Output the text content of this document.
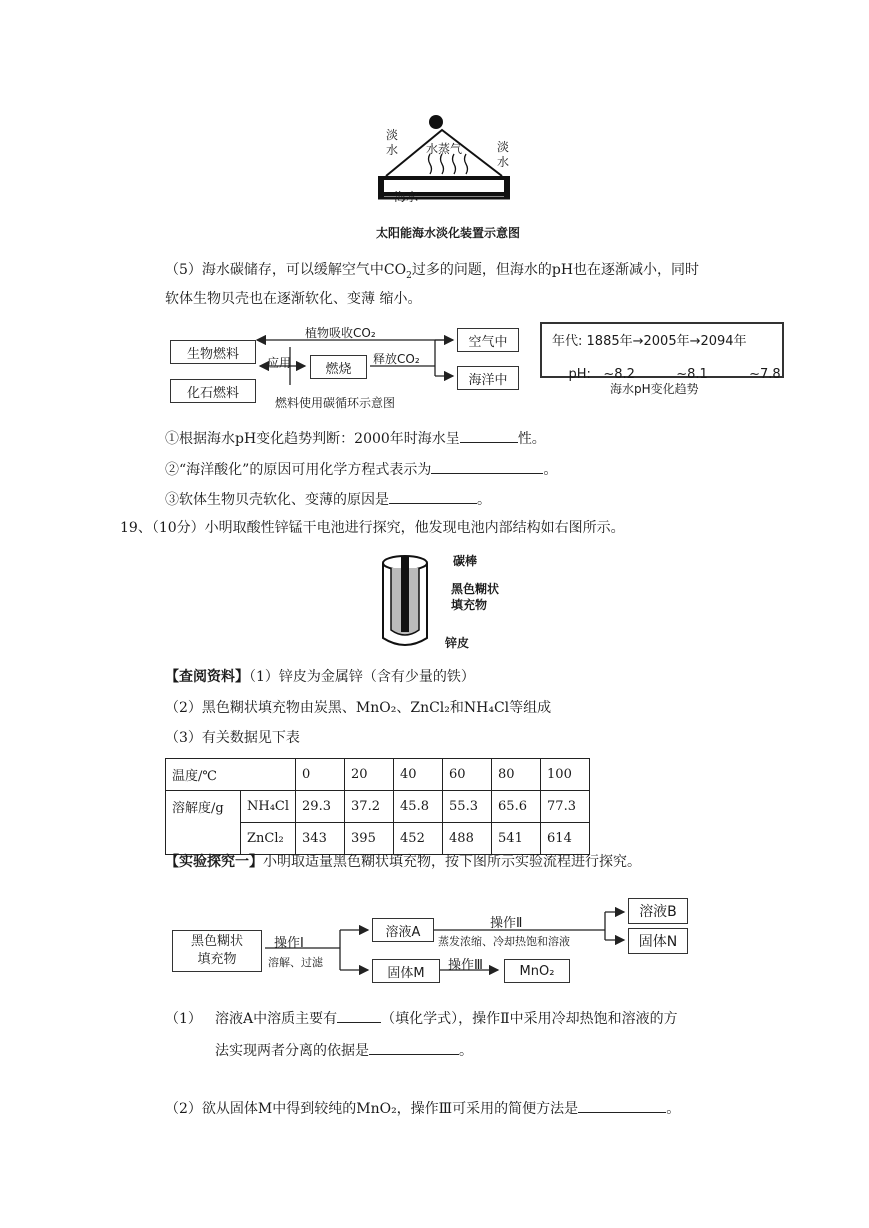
淡水	淡水
水蒸气
海水
太阳能海水淡化装置示意图
（5）海水碳储存，可以缓解空气中$CO_2$过多的问题，但海水的pH也在逐渐减小，同时
软体生物贝壳也在逐渐软化、变薄 缩小。
生物燃料
化石燃料
应用	燃烧
释放CO₂
植物吸收CO₂
空气中
海洋中
燃料使用碳循环示意图
年代: 1885年→2005年→2094年

pH: ~8.2          ~8.1          ~7.8

海水pH变化趋势
①根据海水pH变化趋势判断：2000年时海水呈	性。
②“海洋酸化”的原因可用化学方程式表示为	。
③软体生物贝壳软化、变薄的原因是	。
19、（10分）小明取酸性锌锰干电池进行探究，他发现电池内部结构如右图所示。
碳棒
黑色糊状
填充物
锌皮
【查阅资料】（1）锌皮为金属锌（含有少量的铁）
（2）黑色糊状填充物由炭黑、MnO₂、ZnCl₂和NH₄Cl等组成
（3）有关数据见下表
温度/℃		0	20	40	60	80	100
溶解度/g	NH₄Cl	29.3	37.2	45.8	55.3	65.6	77.3
	ZnCl₂	343	395	452	488	541	614
【实验探究一】小明取适量黑色糊状填充物，按下图所示实验流程进行探究。
黑色糊状
填充物
操作Ⅰ
溶解、过滤
溶液A
固体M
操作Ⅱ
蒸发浓缩、冷却热饱和溶液
操作Ⅲ	MnO₂
溶液B
固体N
（1） 溶液A中溶质主要有	（填化学式），操作Ⅱ中采用冷却热饱和溶液的方
法实现两者分离的依据是	。
（2）欲从固体M中得到较纯的MnO₂，操作Ⅲ可采用的简便方法是	。
